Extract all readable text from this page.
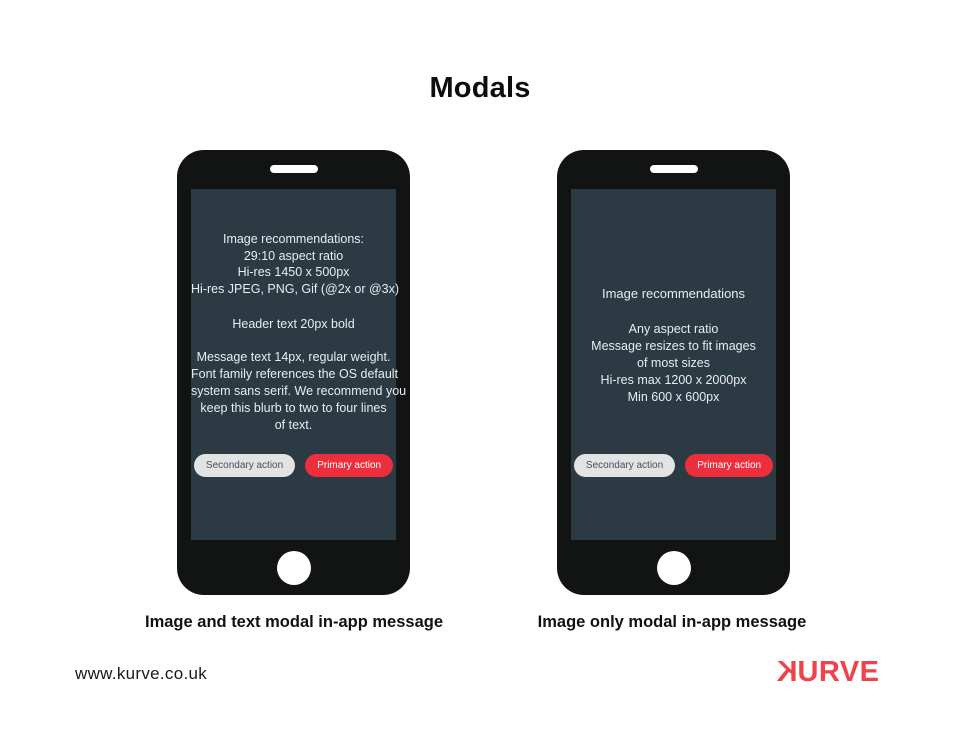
Modals
Image recommendations:
29:10 aspect ratio
Hi-res 1450 x 500px
Hi-res JPEG, PNG, Gif (@2x or @3x)
Header text 20px bold
Message text 14px, regular weight.
Font family references the OS default
system sans serif. We recommend you
keep this blurb to two to four lines
of text.
Secondary action	Primary action
Image and text modal in-app message
Image recommendations
Any aspect ratio
Message resizes to fit images
of most sizes
Hi-res max 1200 x 2000px
Min 600 x 600px
Secondary action	Primary action
Image only modal in-app message
www.kurve.co.uk	KURVE
